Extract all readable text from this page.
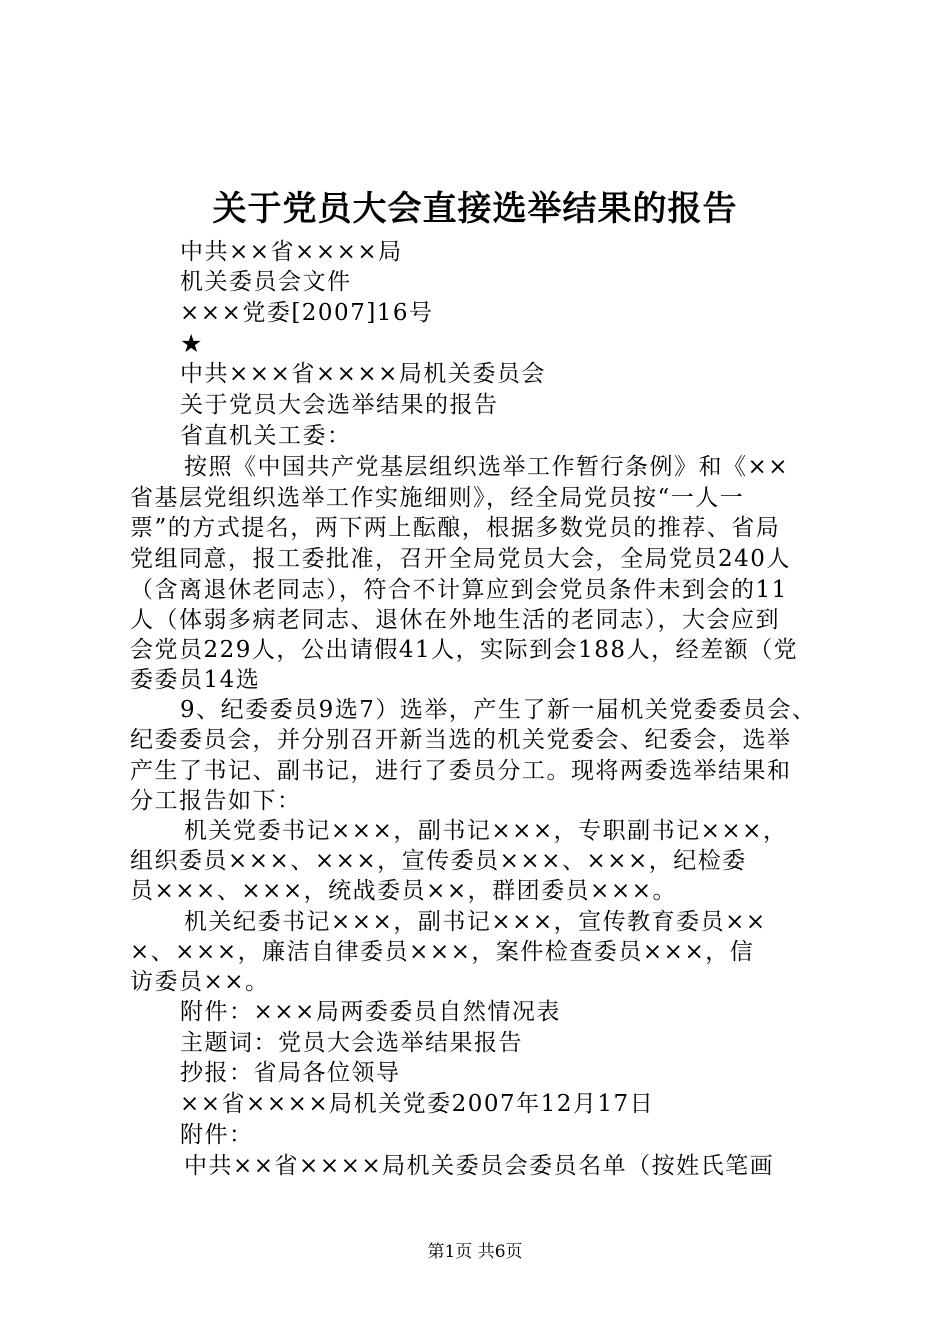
关于党员大会直接选举结果的报告
中共××省××××局
机关委员会文件
×××党委[2007]16号
★
中共×××省××××局机关委员会
关于党员大会选举结果的报告
省直机关工委：
按照《中国共产党基层组织选举工作暂行条例》和《××
省基层党组织选举工作实施细则》，经全局党员按“一人一
票”的方式提名，两下两上酝酿，根据多数党员的推荐、省局
党组同意，报工委批准，召开全局党员大会，全局党员240人
（含离退休老同志），符合不计算应到会党员条件未到会的11
人（体弱多病老同志、退休在外地生活的老同志），大会应到
会党员229人，公出请假41人，实际到会188人，经差额（党
委委员14选
9、纪委委员9选7）选举，产生了新一届机关党委委员会、
纪委委员会，并分别召开新当选的机关党委会、纪委会，选举
产生了书记、副书记，进行了委员分工。现将两委选举结果和
分工报告如下：
机关党委书记×××，副书记×××，专职副书记×××，
组织委员×××、×××，宣传委员×××、×××，纪检委
员×××、×××，统战委员××，群团委员×××。
机关纪委书记×××，副书记×××，宣传教育委员××
×、×××，廉洁自律委员×××，案件检查委员×××，信
访委员××。
附件：×××局两委委员自然情况表
主题词：党员大会选举结果报告
抄报：省局各位领导
××省××××局机关党委2007年12月17日
附件：
中共××省××××局机关委员会委员名单（按姓氏笔画
第1页 共6页
